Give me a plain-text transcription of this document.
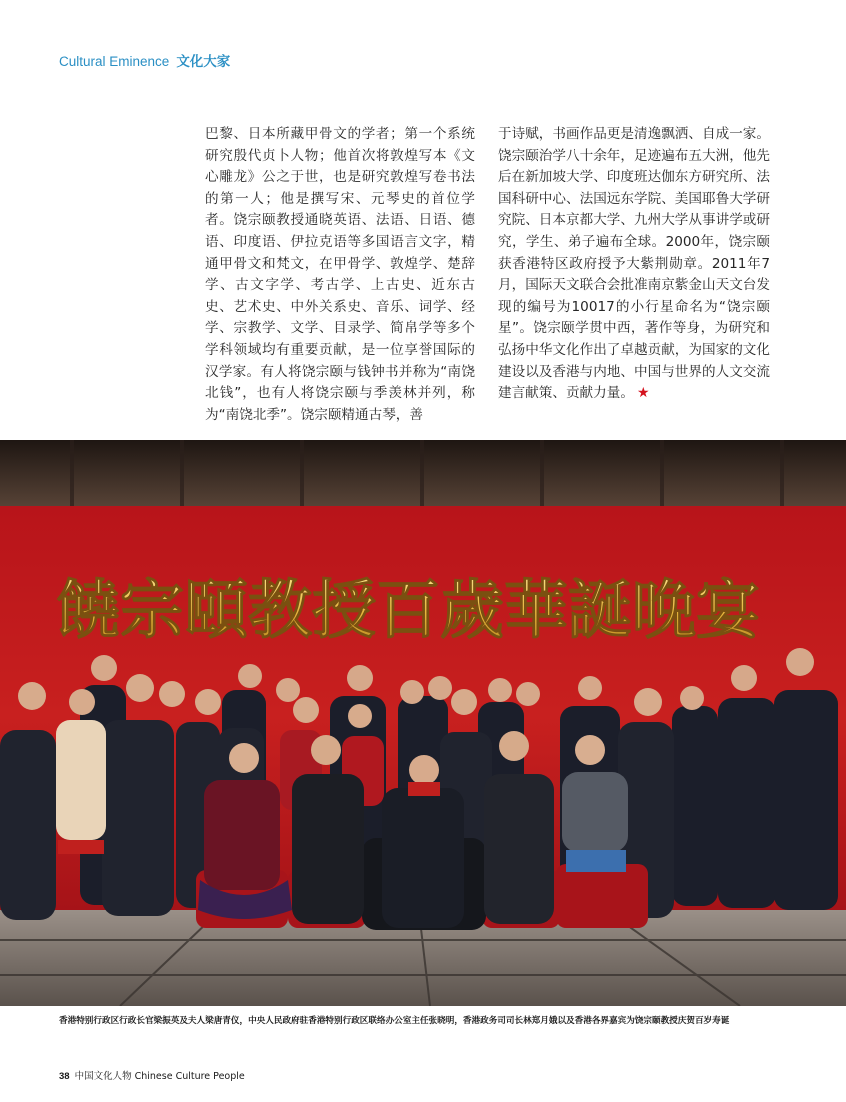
Cultural Eminence 文化大家
巴黎、日本所藏甲骨文的学者；第一个系统研究殷代贞卜人物；他首次将敦煌写本《文心雕龙》公之于世，也是研究敦煌写卷书法的第一人；他是撰写宋、元琴史的首位学者。饶宗颐教授通晓英语、法语、日语、德语、印度语、伊拉克语等多国语言文字，精通甲骨文和梵文，在甲骨学、敦煌学、楚辞学、古文字学、考古学、上古史、近东古史、艺术史、中外关系史、音乐、词学、经学、宗教学、文学、目录学、简帛学等多个学科领域均有重要贡献，是一位享誉国际的汉学家。有人将饶宗颐与钱钟书并称为“南饶北钱”，也有人将饶宗颐与季羡林并列，称为“南饶北季”。饶宗颐精通古琴，善
于诗赋，书画作品更是清逸飘洒、自成一家。饶宗颐治学八十余年，足迹遍布五大洲，他先后在新加坡大学、印度班达伽东方研究所、法国科研中心、法国远东学院、美国耶鲁大学研究院、日本京都大学、九州大学从事讲学或研究，学生、弟子遍布全球。2000年，饶宗颐获香港特区政府授予大紫荆勋章。2011年7月，国际天文联合会批准南京紫金山天文台发现的编号为10017的小行星命名为“饶宗颐星”。饶宗颐学贯中西，著作等身，为研究和弘扬中华文化作出了卓越贡献，为国家的文化建设以及香港与内地、中国与世界的人文交流建言献策、贡献力量。 ★
饒宗頤教授百歲華誕晚宴
香港特别行政区行政长官梁振英及夫人梁唐青仪，中央人民政府驻香港特别行政区联络办公室主任张晓明，香港政务司司长林郑月娥以及香港各界嘉宾为饶宗颐教授庆贺百岁寿诞
38 中国文化人物 Chinese Culture People
